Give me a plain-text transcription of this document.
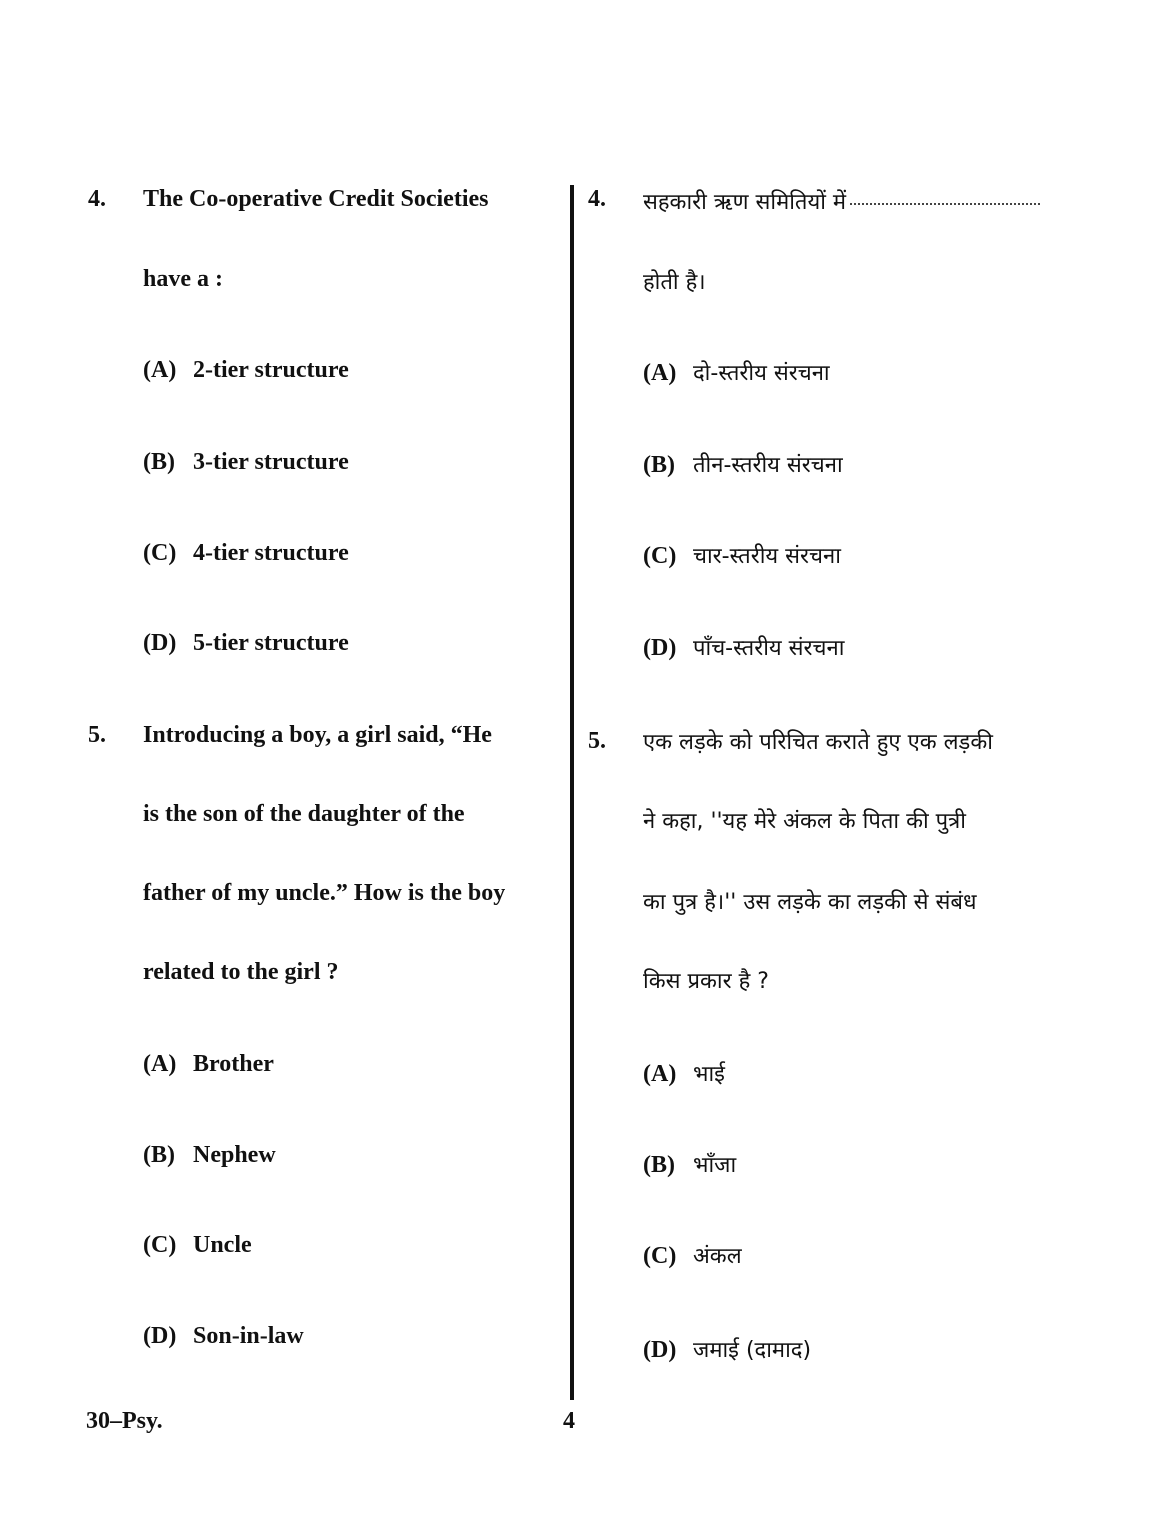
4. The Co-operative Credit Societies
have a :
(A) 2-tier structure
(B) 3-tier structure
(C) 4-tier structure
(D) 5-tier structure
5. Introducing a boy, a girl said, “He
is the son of the daughter of the
father of my uncle.” How is the boy
related to the girl ?
(A) Brother
(B) Nephew
(C) Uncle
(D) Son-in-law
4. सहकारी ऋण समितियों में
होती है।
(A) दो-स्तरीय संरचना
(B) तीन-स्तरीय संरचना
(C) चार-स्तरीय संरचना
(D) पाँच-स्तरीय संरचना
5. एक लड़के को परिचित कराते हुए एक लड़की
ने कहा, ''यह मेरे अंकल के पिता की पुत्री
का पुत्र है।'' उस लड़के का लड़की से संबंध
किस प्रकार है ?
(A) भाई
(B) भाँजा
(C) अंकल
(D) जमाई (दामाद)
30–Psy.	4
